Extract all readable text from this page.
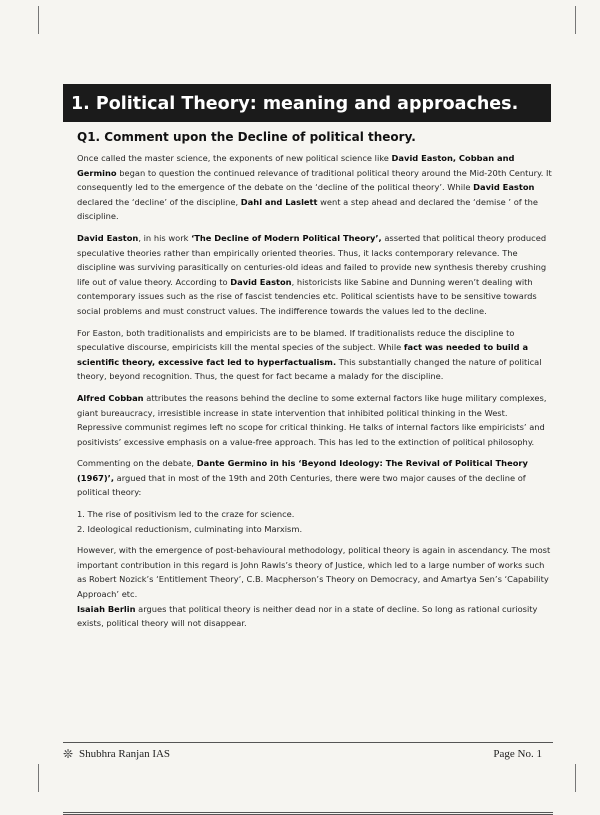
1. Political Theory: meaning and approaches.
Q1. Comment upon the Decline of political theory.

Once called the master science, the exponents of new political science like David Easton, Cobban and Germino began to question the continued relevance of traditional political theory around the Mid-20th Century. It consequently led to the emergence of the debate on the ‘decline of the political theory’. While David Easton declared the ‘decline’ of the discipline, Dahl and Laslett went a step ahead and declared the ‘demise ’ of the discipline.

David Easton, in his work ‘The Decline of Modern Political Theory’, asserted that political theory produced speculative theories rather than empirically oriented theories. Thus, it lacks contemporary relevance. The discipline was surviving parasitically on centuries-old ideas and failed to provide new synthesis thereby crushing life out of value theory. According to David Easton, historicists like Sabine and Dunning weren’t dealing with contemporary issues such as the rise of fascist tendencies etc. Political scientists have to be sensitive towards social problems and must construct values. The indifference towards the values led to the decline.

For Easton, both traditionalists and empiricists are to be blamed. If traditionalists reduce the discipline to speculative discourse, empiricists kill the mental species of the subject. While fact was needed to build a scientific theory, excessive fact led to hyperfactualism. This substantially changed the nature of political theory, beyond recognition. Thus, the quest for fact became a malady for the discipline.

Alfred Cobban attributes the reasons behind the decline to some external factors like huge military complexes, giant bureaucracy, irresistible increase in state intervention that inhibited political thinking in the West. Repressive communist regimes left no scope for critical thinking. He talks of internal factors like empiricists’ and positivists’ excessive emphasis on a value-free approach. This has led to the extinction of political philosophy.

Commenting on the debate, Dante Germino in his ‘Beyond Ideology: The Revival of Political Theory (1967)’, argued that in most of the 19th and 20th Centuries, there were two major causes of the decline of political theory:

1. The rise of positivism led to the craze for science.
2. Ideological reductionism, culminating into Marxism.

However, with the emergence of post-behavioural methodology, political theory is again in ascendancy. The most important contribution in this regard is John Rawls’s theory of Justice, which led to a large number of works such as Robert Nozick’s ‘Entitlement Theory’, C.B. Macpherson’s Theory on Democracy, and Amartya Sen’s ‘Capability Approach’ etc.

Isaiah Berlin argues that political theory is neither dead nor in a state of decline. So long as rational curiosity exists, political theory will not disappear.

❊ Shubhra Ranjan IAS	Page No. 1
